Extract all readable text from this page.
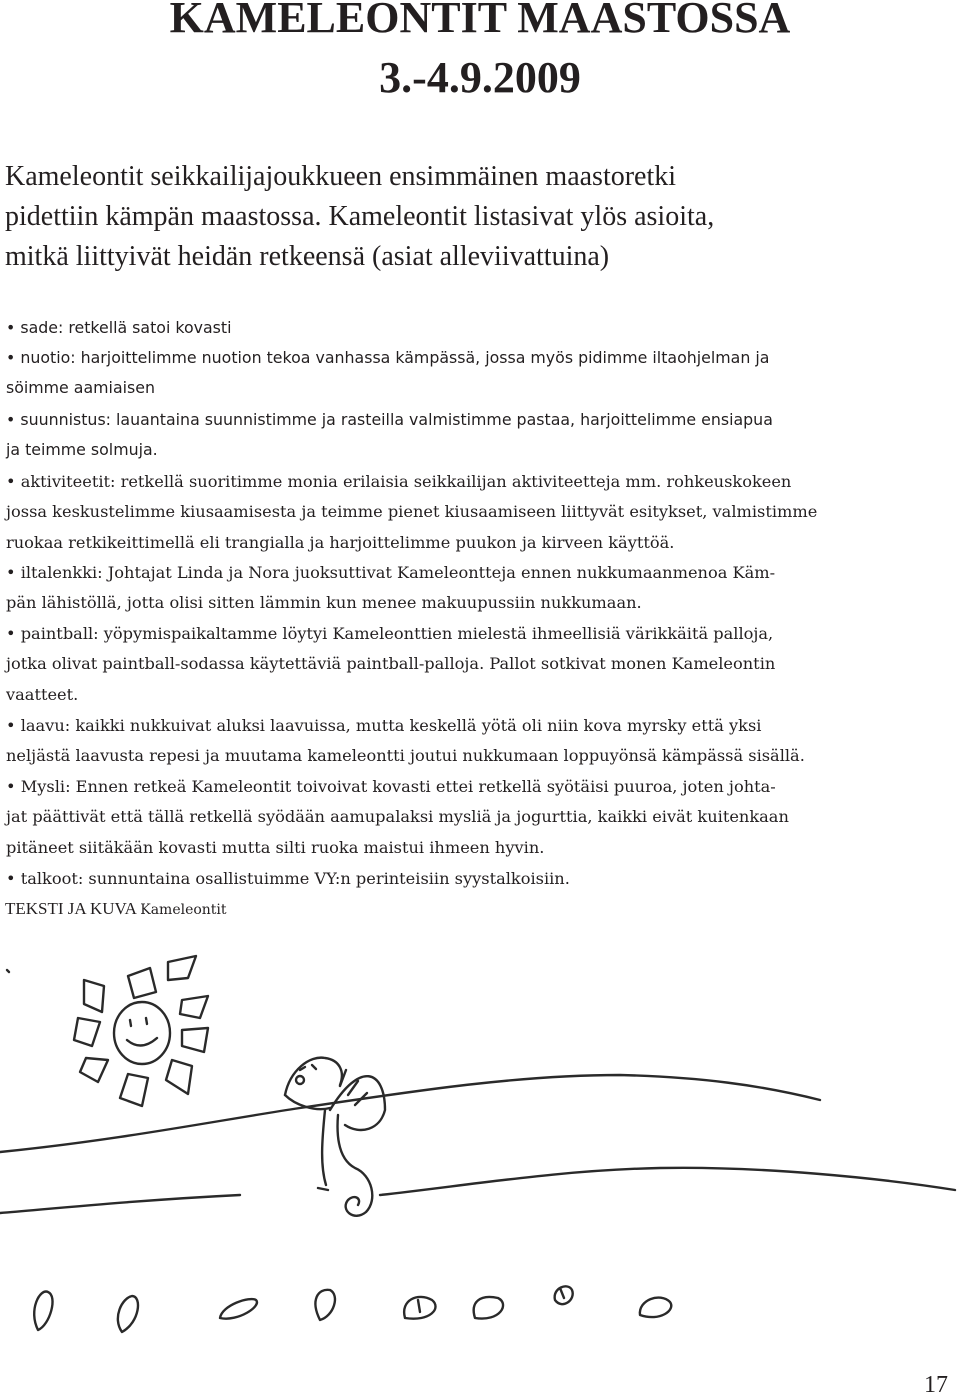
KAMELEONTIT MAASTOSSA
3.-4.9.2009
Kameleontit seikkailijajoukkueen ensimmäinen maastoretki
pidettiin kämpän maastossa. Kameleontit listasivat ylös asioita,
mitkä liittyivät heidän retkeensä (asiat alleviivattuina)
• sade: retkellä satoi kovasti
• nuotio: harjoittelimme nuotion tekoa vanhassa kämpässä, jossa myös pidimme iltaohjelman ja
söimme aamiaisen
• suunnistus: lauantaina suunnistimme ja rasteilla valmistimme pastaa, harjoittelimme ensiapua
ja teimme solmuja.
• aktiviteetit: retkellä suoritimme monia erilaisia seikkailijan aktiviteetteja mm. rohkeuskokeen
jossa keskustelimme kiusaamisesta ja teimme pienet kiusaamiseen liittyvät esitykset, valmistimme
ruokaa retkikeittimellä eli trangialla ja harjoittelimme puukon ja kirveen käyttöä.
• iltalenkki: Johtajat Linda ja Nora juoksuttivat Kameleontteja ennen nukkumaanmenoa Käm-
pän lähistöllä, jotta olisi sitten lämmin kun menee makuupussiin nukkumaan.
• paintball: yöpymispaikaltamme löytyi Kameleonttien mielestä ihmeellisiä värikkäitä palloja,
jotka olivat paintball-sodassa käytettäviä paintball-palloja. Pallot sotkivat monen Kameleontin
vaatteet.
• laavu: kaikki nukkuivat aluksi laavuissa, mutta keskellä yötä oli niin kova myrsky että yksi
neljästä laavusta repesi ja muutama kameleontti joutui nukkumaan loppuyönsä kämpässä sisällä.
• Mysli: Ennen retkeä Kameleontit toivoivat kovasti ettei retkellä syötäisi puuroa, joten johta-
jat päättivät että tällä retkellä syödään aamupalaksi mysliä ja jogurttia, kaikki eivät kuitenkaan
pitäneet siitäkään kovasti mutta silti ruoka maistui ihmeen hyvin.
• talkoot: sunnuntaina osallistuimme VY:n perinteisiin syystalkoisiin.
TEKSTI JA KUVA Kameleontit
17
